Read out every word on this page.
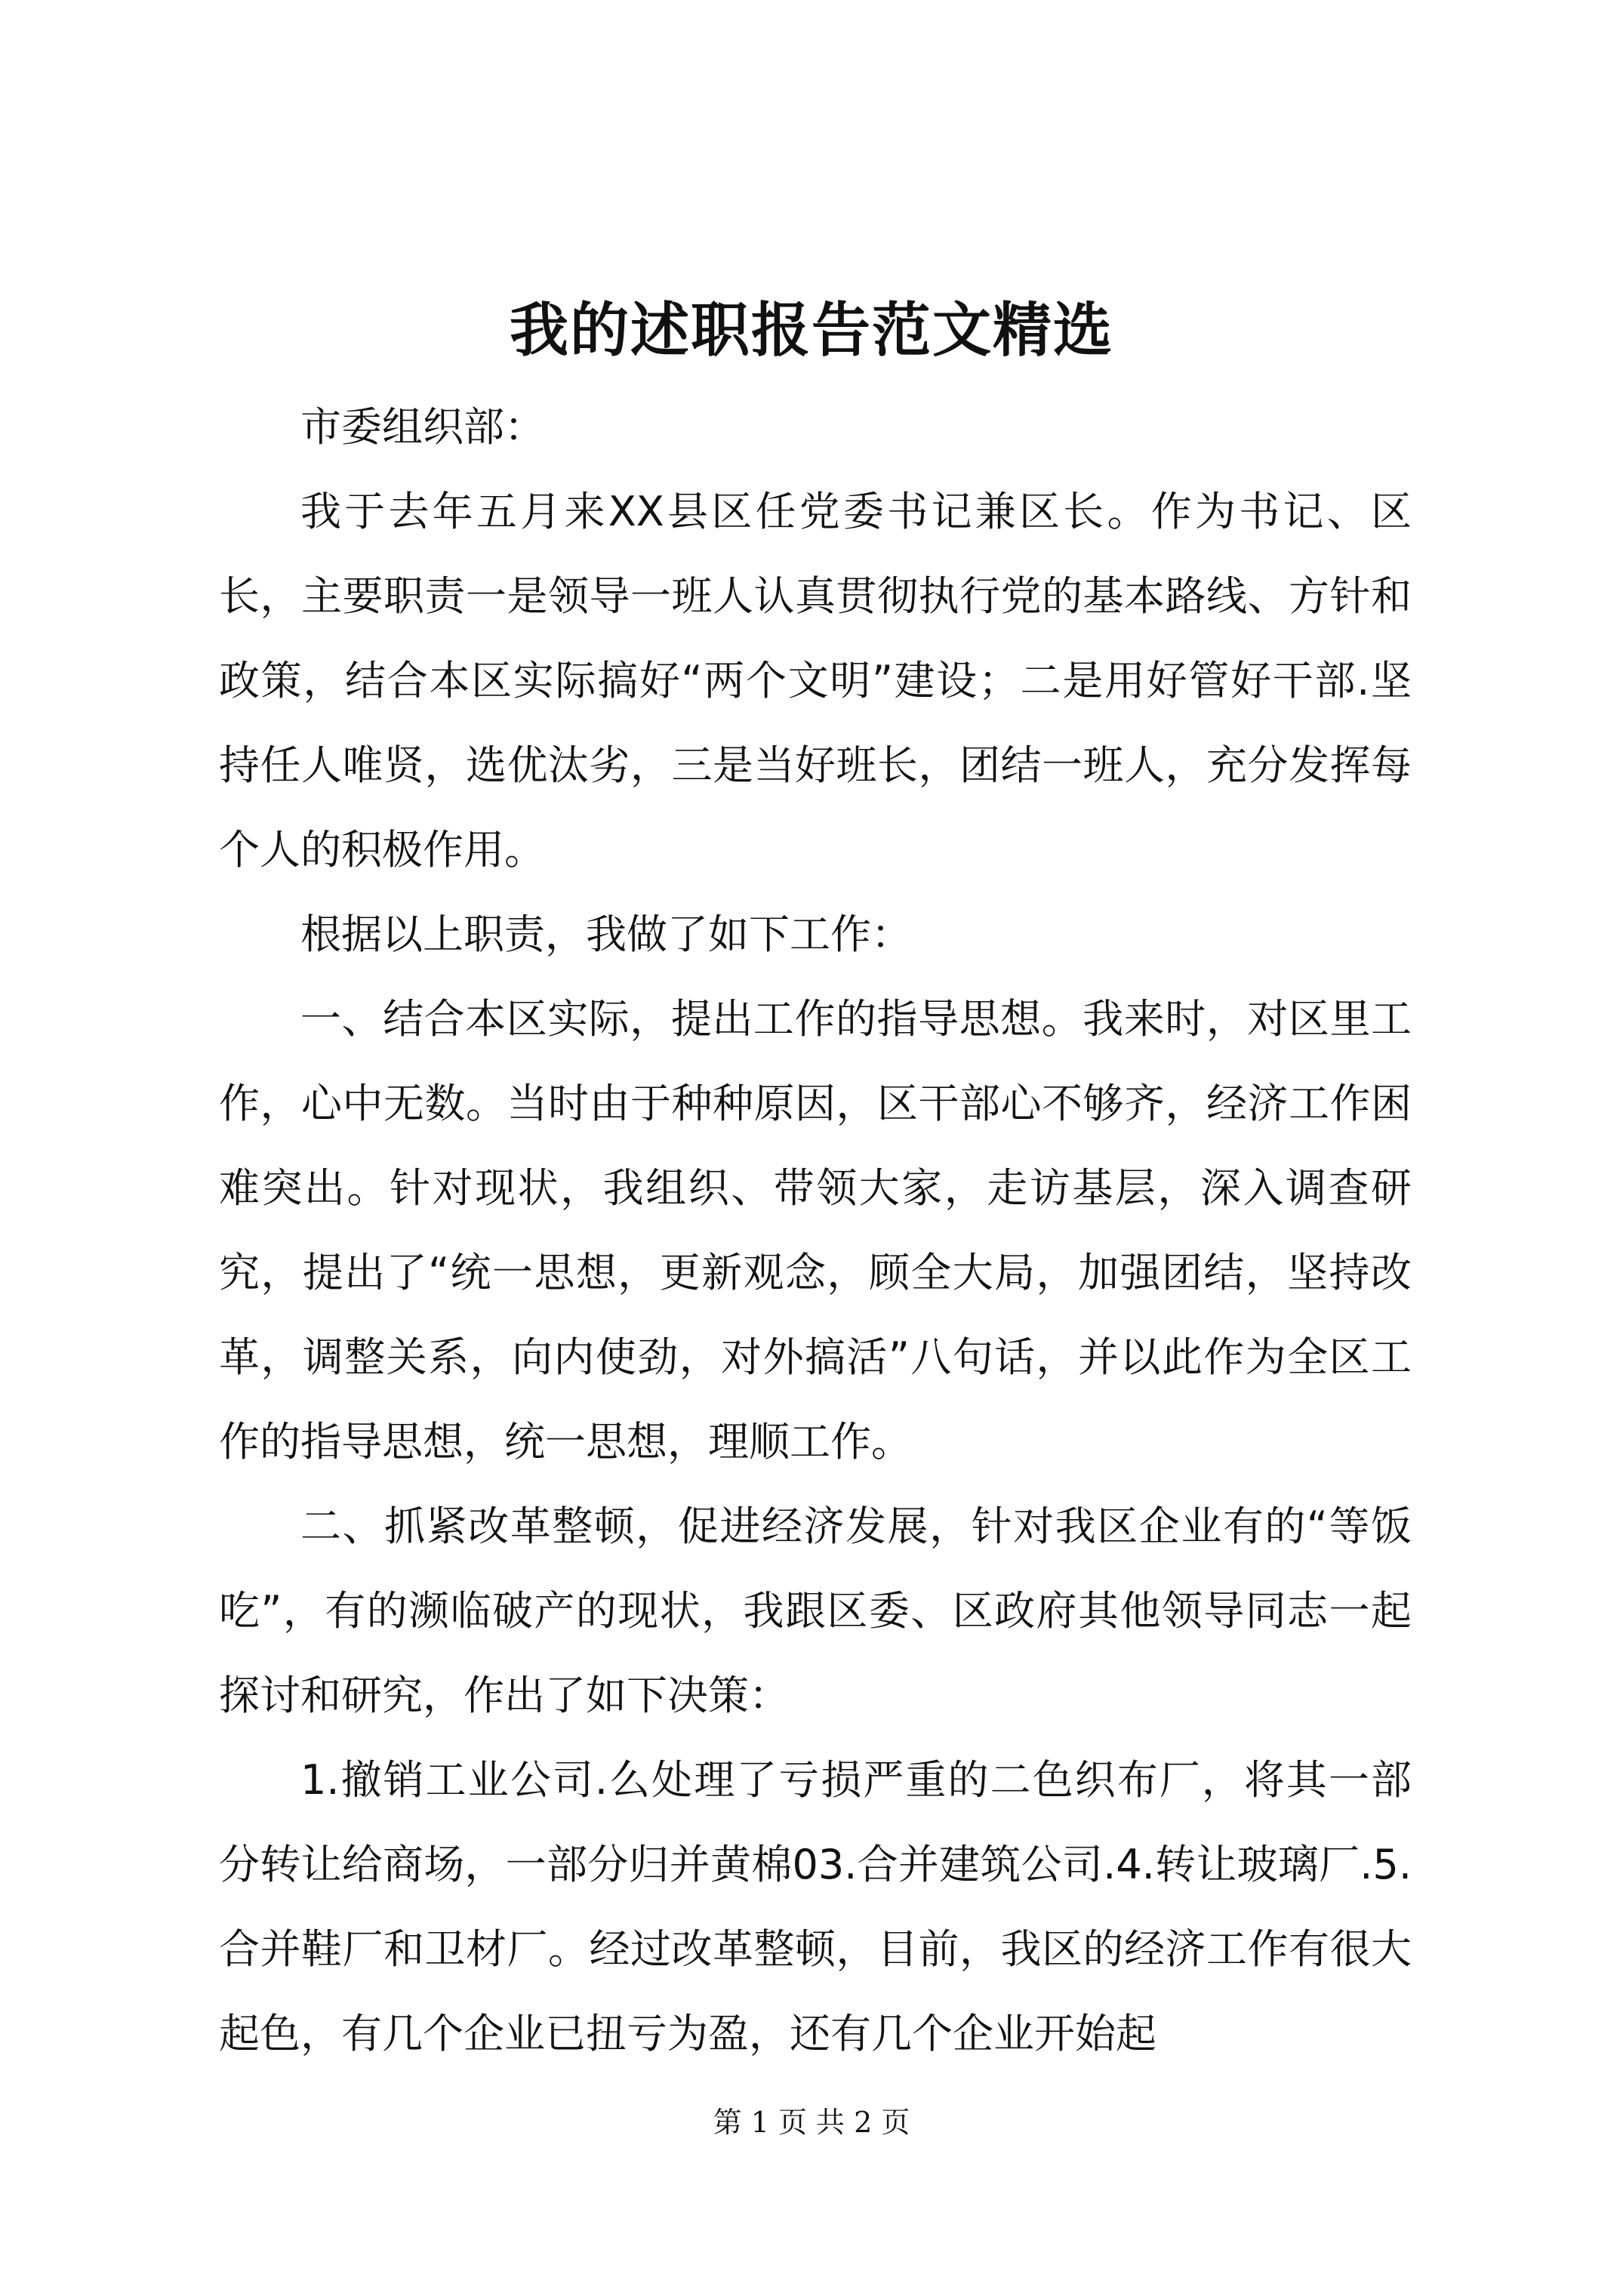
我的述职报告范文精选

市委组织部：

我于去年五月来XX县区任党委书记兼区长。作为书记、区长，主要职责一是领导一班人认真贯彻执行党的基本路线、方针和政策，结合本区实际搞好“两个文明”建设；二是用好管好干部.坚持任人唯贤，选优汰劣，三是当好班长，团结一班人，充分发挥每个人的积极作用。

根据以上职责，我做了如下工作：

一、结合本区实际，提出工作的指导思想。我来时，对区里工作，心中无数。当时由于种种原因，区干部心不够齐，经济工作困难突出。针对现状，我组织、带领大家，走访基层，深入调查研究，提出了“统一思想，更新观念，顾全大局，加强团结，坚持改革，调整关系，向内使劲，对外搞活”八句话，并以此作为全区工作的指导思想，统一思想，理顺工作。

二、抓紧改革整顿，促进经济发展，针对我区企业有的“等饭吃”，有的濒临破产的现状，我跟区委、区政府其他领导同志一起探讨和研究，作出了如下决策：

1.撤销工业公司.么处理了亏损严重的二色织布厂，将其一部分转让给商场，一部分归并黄棉03.合并建筑公司.4.转让玻璃厂.5.合并鞋厂和卫材厂。经过改革整顿，目前，我区的经济工作有很大起色，有几个企业已扭亏为盈，还有几个企业开始起

第 1 页 共 2 页
